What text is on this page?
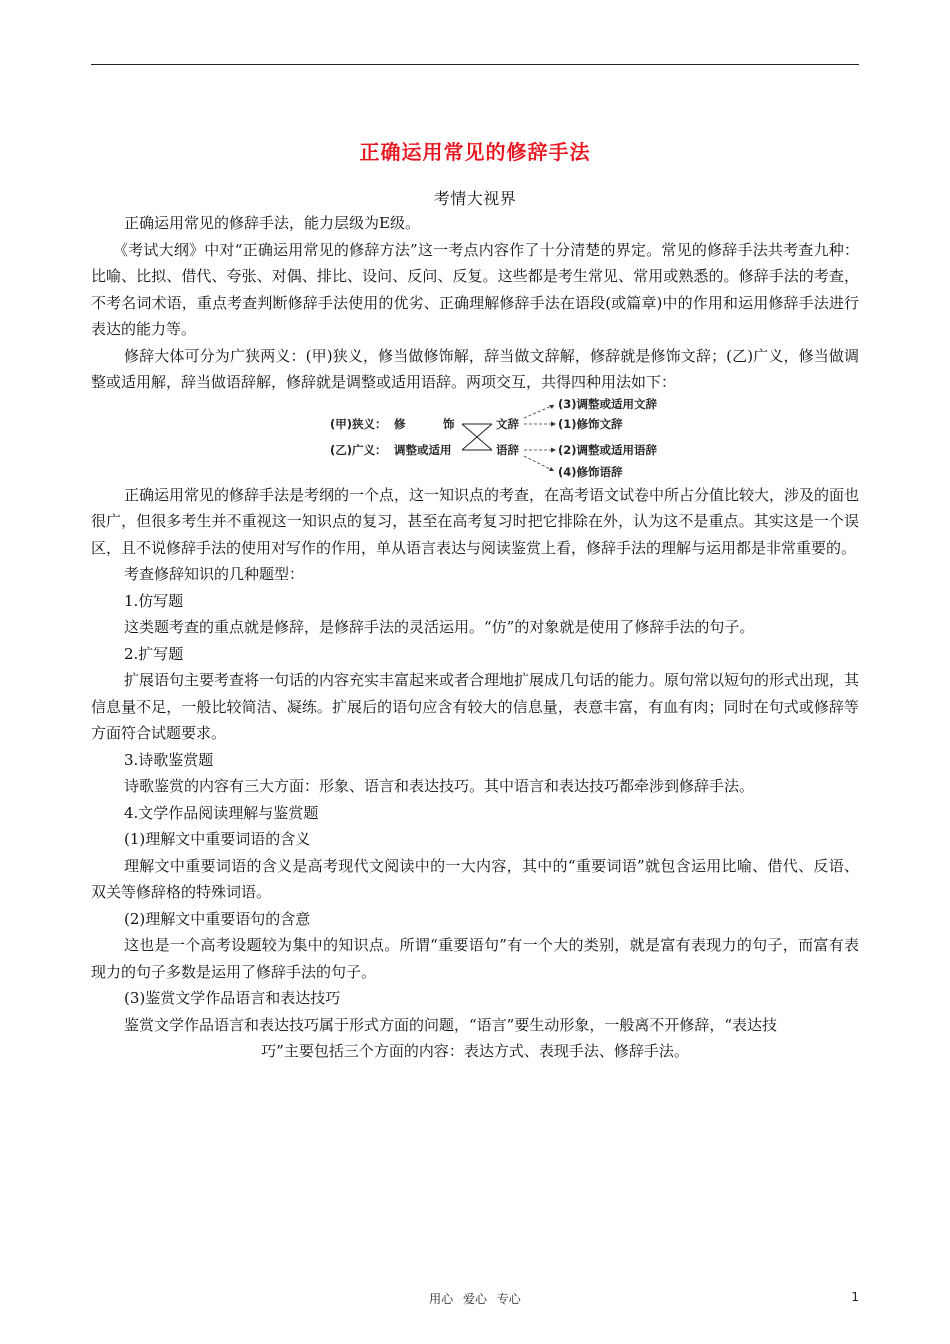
正确运用常见的修辞手法
考情大视界

正确运用常见的修辞手法，能力层级为E级。

《考试大纲》中对“正确运用常见的修辞方法”这一考点内容作了十分清楚的界定。常见的修辞手法共考查九种：比喻、比拟、借代、夸张、对偶、排比、设问、反问、反复。这些都是考生常见、常用或熟悉的。修辞手法的考查，不考名词术语，重点考查判断修辞手法使用的优劣、正确理解修辞手法在语段(或篇章)中的作用和运用修辞手法进行表达的能力等。

修辞大体可分为广狭两义：(甲)狭义，修当做修饰解，辞当做文辞解，修辞就是修饰文辞；(乙)广义，修当做调整或适用解，辞当做语辞解，修辞就是调整或适用语辞。两项交互，共得四种用法如下：

(甲)狭义： 修	饰
(乙)广义： 调整或适用
文辞
语辞
(3)调整或适用文辞
(1)修饰文辞
(2)调整或适用语辞
(4)修饰语辞

正确运用常见的修辞手法是考纲的一个点，这一知识点的考查，在高考语文试卷中所占分值比较大，涉及的面也很广，但很多考生并不重视这一知识点的复习，甚至在高考复习时把它排除在外，认为这不是重点。其实这是一个误区，且不说修辞手法的使用对写作的作用，单从语言表达与阅读鉴赏上看，修辞手法的理解与运用都是非常重要的。

考查修辞知识的几种题型：

1.仿写题

这类题考查的重点就是修辞，是修辞手法的灵活运用。“仿”的对象就是使用了修辞手法的句子。

2.扩写题

扩展语句主要考查将一句话的内容充实丰富起来或者合理地扩展成几句话的能力。原句常以短句的形式出现，其信息量不足，一般比较简洁、凝练。扩展后的语句应含有较大的信息量，表意丰富，有血有肉；同时在句式或修辞等方面符合试题要求。

3.诗歌鉴赏题

诗歌鉴赏的内容有三大方面：形象、语言和表达技巧。其中语言和表达技巧都牵涉到修辞手法。

4.文学作品阅读理解与鉴赏题

(1)理解文中重要词语的含义

理解文中重要词语的含义是高考现代文阅读中的一大内容，其中的“重要词语”就包含运用比喻、借代、反语、双关等修辞格的特殊词语。

(2)理解文中重要语句的含意

这也是一个高考设题较为集中的知识点。所谓“重要语句”有一个大的类别，就是富有表现力的句子，而富有表现力的句子多数是运用了修辞手法的句子。

(3)鉴赏文学作品语言和表达技巧

鉴赏文学作品语言和表达技巧属于形式方面的问题，“语言”要生动形象，一般离不开修辞，“表达技

巧”主要包括三个方面的内容：表达方式、表现手法、修辞手法。

用心 爱心 专心	1
